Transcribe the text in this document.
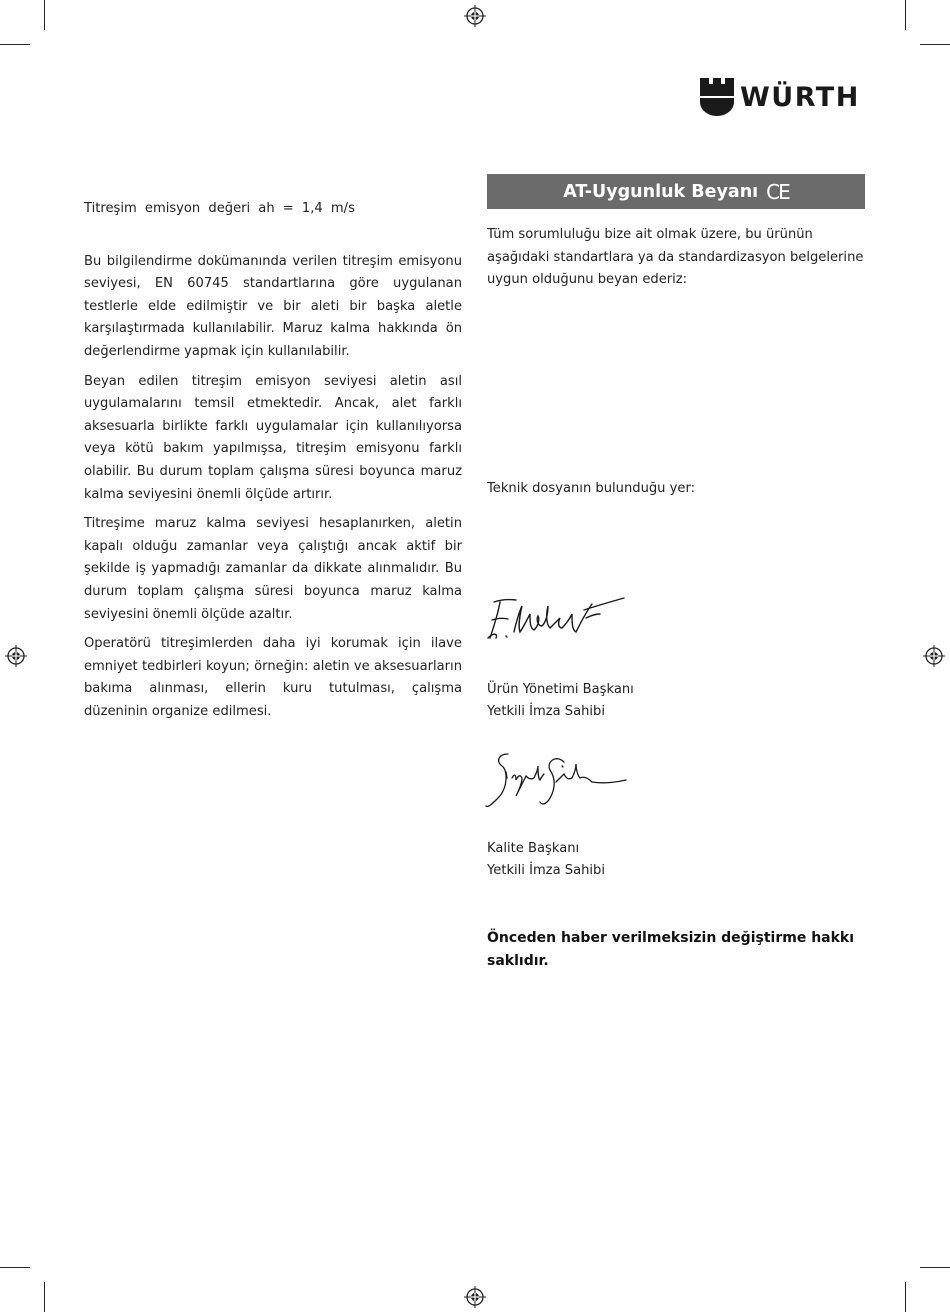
WÜRTH

Titreşim emisyon değeri ah = 1,4 m/s

Bu bilgilendirme dokümanında verilen titreşim emisyonu seviyesi, EN 60745 standartlarına göre uygulanan testlerle elde edilmiştir ve bir aleti bir başka aletle karşılaştırmada kullanılabilir. Maruz kalma hakkında ön değerlendirme yapmak için kullanılabilir.

Beyan edilen titreşim emisyon seviyesi aletin asıl uygulamalarını temsil etmektedir. Ancak, alet farklı aksesuarla birlikte farklı uygulamalar için kullanılıyorsa veya kötü bakım yapılmışsa, titreşim emisyonu farklı olabilir. Bu durum toplam çalışma süresi boyunca maruz kalma seviyesini önemli ölçüde artırır.

Titreşime maruz kalma seviyesi hesaplanırken, aletin kapalı olduğu zamanlar veya çalıştığı ancak aktif bir şekilde iş yapmadığı zamanlar da dikkate alınmalıdır. Bu durum toplam çalışma süresi boyunca maruz kalma seviyesini önemli ölçüde azaltır.

Operatörü titreşimlerden daha iyi korumak için ilave emniyet tedbirleri koyun; örneğin: aletin ve aksesuarların bakıma alınması, ellerin kuru tutulması, çalışma düzeninin organize edilmesi.

AT-Uygunluk Beyanı CE

Tüm sorumluluğu bize ait olmak üzere, bu ürünün aşağıdaki standartlara ya da standardizasyon belgelerine uygun olduğunu beyan ederiz:

Teknik dosyanın bulunduğu yer:

Ürün Yönetimi Başkanı

Yetkili İmza Sahibi

Kalite Başkanı

Yetkili İmza Sahibi

Önceden haber verilmeksizin değiştirme hakkı saklıdır.
